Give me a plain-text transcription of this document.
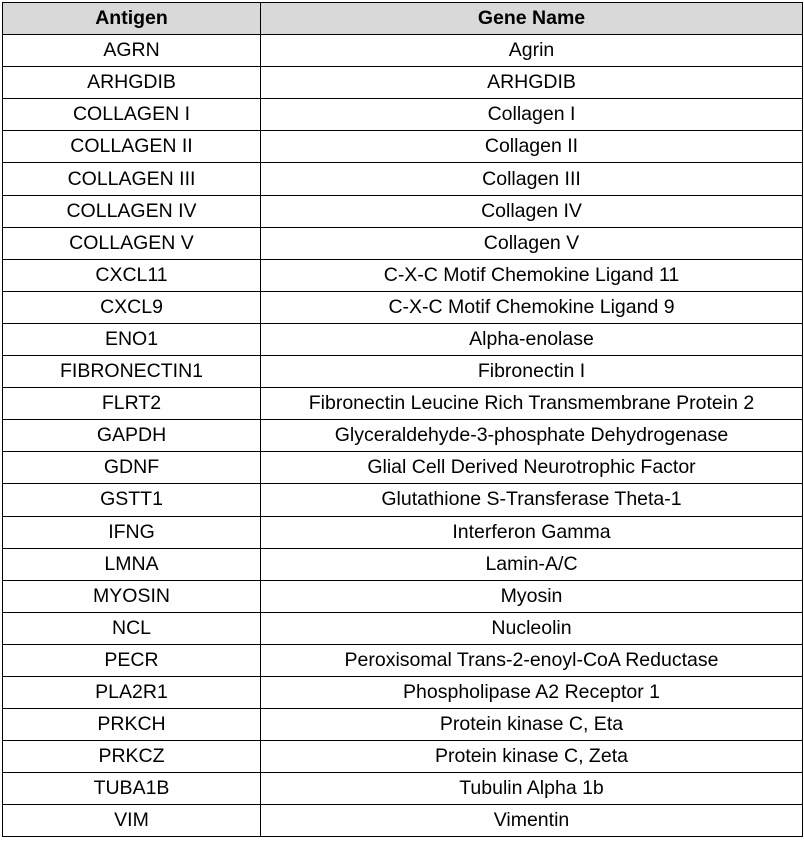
Antigen	Gene Name
AGRN	Agrin
ARHGDIB	ARHGDIB
COLLAGEN I	Collagen I
COLLAGEN II	Collagen II
COLLAGEN III	Collagen III
COLLAGEN IV	Collagen IV
COLLAGEN V	Collagen V
CXCL11	C-X-C Motif Chemokine Ligand 11
CXCL9	C-X-C Motif Chemokine Ligand 9
ENO1	Alpha-enolase
FIBRONECTIN1	Fibronectin I
FLRT2	Fibronectin Leucine Rich Transmembrane Protein 2
GAPDH	Glyceraldehyde-3-phosphate Dehydrogenase
GDNF	Glial Cell Derived Neurotrophic Factor
GSTT1	Glutathione S-Transferase Theta-1
IFNG	Interferon Gamma
LMNA	Lamin-A/C
MYOSIN	Myosin
NCL	Nucleolin
PECR	Peroxisomal Trans-2-enoyl-CoA Reductase
PLA2R1	Phospholipase A2 Receptor 1
PRKCH	Protein kinase C, Eta
PRKCZ	Protein kinase C, Zeta
TUBA1B	Tubulin Alpha 1b
VIM	Vimentin
